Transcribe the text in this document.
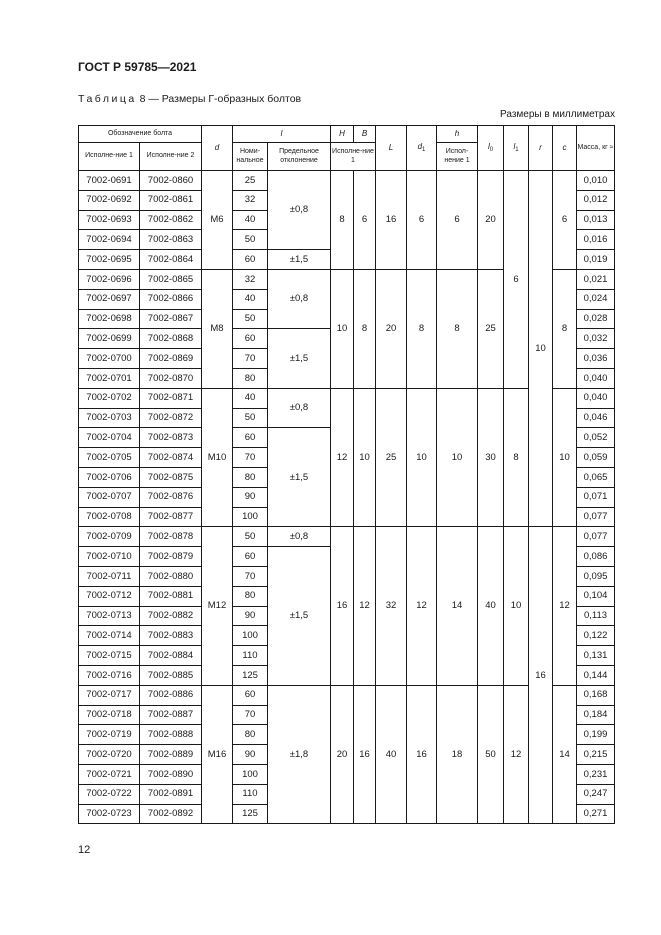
ГОСТ Р 59785—2021
Таблица 8 — Размеры Г-образных болтов
Размеры в миллиметрах
Обозначение болта		d	l		H	B	L	$d_1$	h	$l_0$	$l_1$	r	c	Масса, кг ≈
Исполне-ние 1	Исполне-ние 2		Номи-нальное	Предельное отклонение	Исполне-ние 1				Испол-нение 1					
7002-0691	7002-0860	M6	25	±0,8	8	6	16	6	6	20	6	10	6	0,010
7002-0692	7002-0861		32											0,012
7002-0693	7002-0862		40											0,013
7002-0694	7002-0863		50											0,016
7002-0695	7002-0864		60	±1,5										0,019
7002-0696	7002-0865	M8	32	±0,8	10	8	20	8	8	25			8	0,021
7002-0697	7002-0866		40											0,024
7002-0698	7002-0867		50											0,028
7002-0699	7002-0868		60	±1,5										0,032
7002-0700	7002-0869		70											0,036
7002-0701	7002-0870		80											0,040
7002-0702	7002-0871	M10	40	±0,8	12	10	25	10	10	30	8		10	0,040
7002-0703	7002-0872		50											0,046
7002-0704	7002-0873		60	±1,5										0,052
7002-0705	7002-0874		70											0,059
7002-0706	7002-0875		80											0,065
7002-0707	7002-0876		90											0,071
7002-0708	7002-0877		100											0,077
7002-0709	7002-0878	M12	50	±0,8	16	12	32	12	14	40	10	16	12	0,077
7002-0710	7002-0879		60	±1,5										0,086
7002-0711	7002-0880		70											0,095
7002-0712	7002-0881		80											0,104
7002-0713	7002-0882		90											0,113
7002-0714	7002-0883		100											0,122
7002-0715	7002-0884		110											0,131
7002-0716	7002-0885		125											0,144
7002-0717	7002-0886	M16	60	±1,8	20	16	40	16	18	50	12		14	0,168
7002-0718	7002-0887		70											0,184
7002-0719	7002-0888		80											0,199
7002-0720	7002-0889		90											0,215
7002-0721	7002-0890		100											0,231
7002-0722	7002-0891		110											0,247
7002-0723	7002-0892		125											0,271
12
